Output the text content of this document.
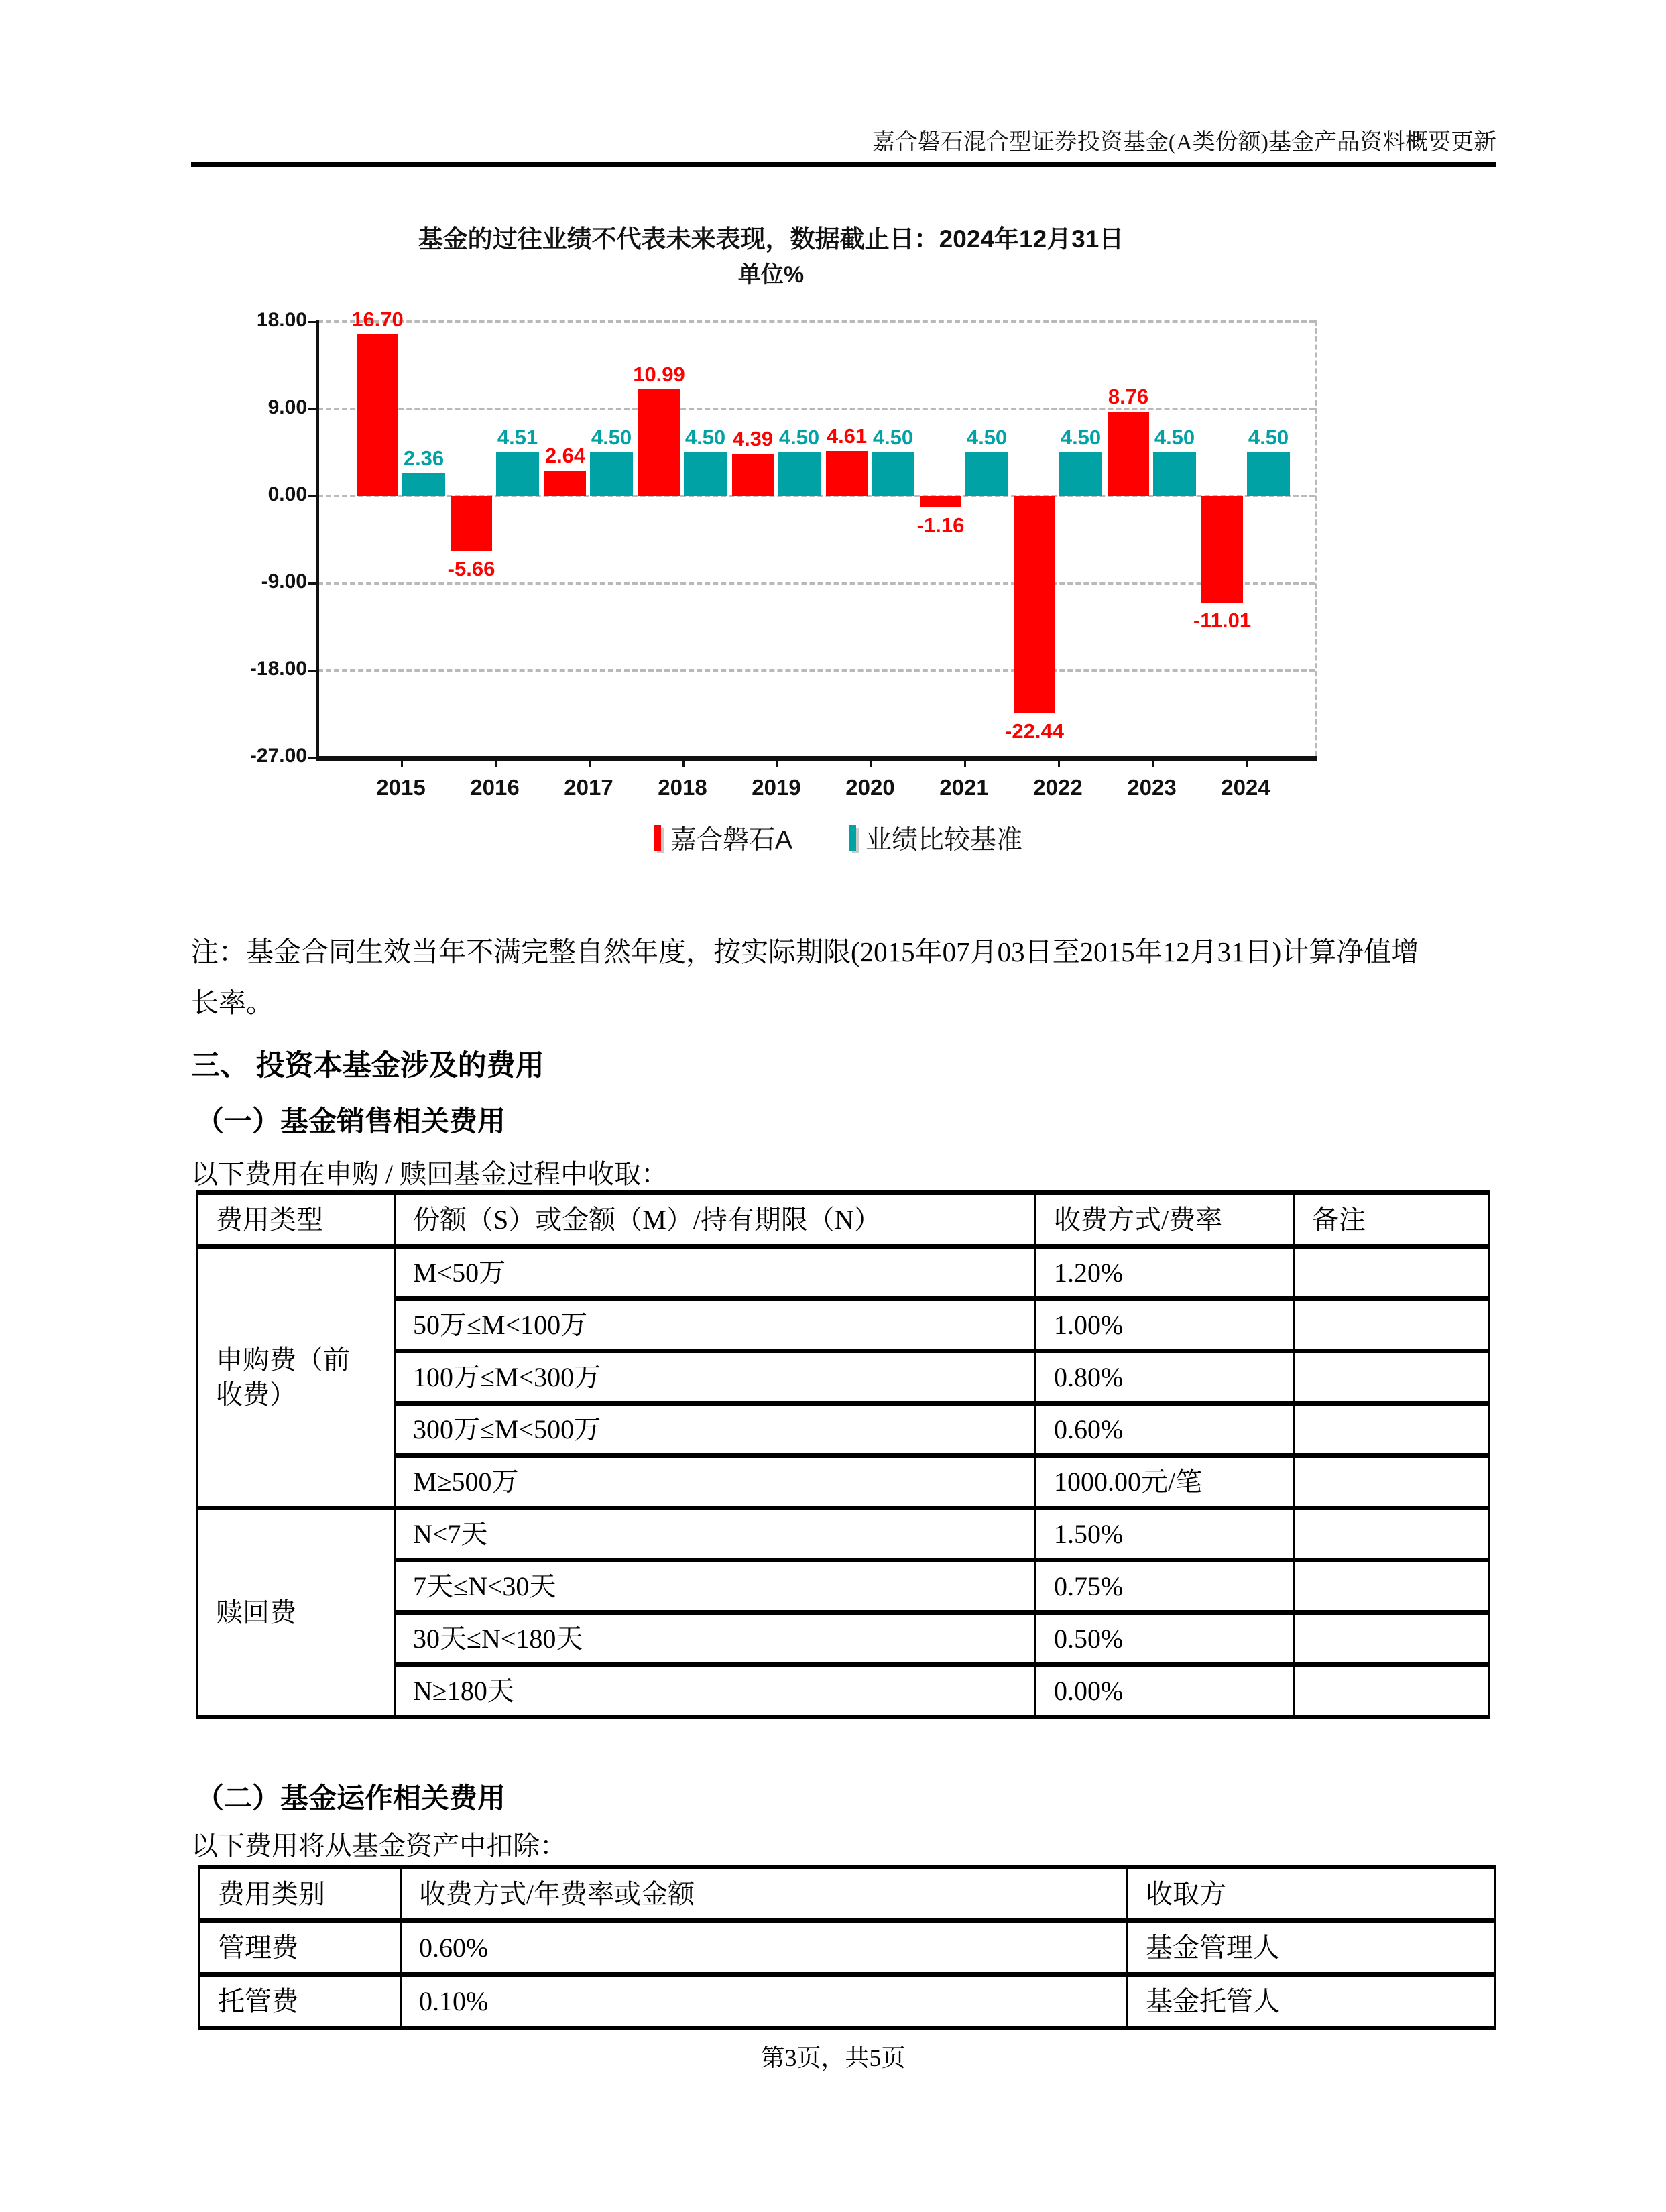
嘉合磐石混合型证券投资基金(A类份额)基金产品资料概要更新
基金的过往业绩不代表未来表现，数据截止日：2024年12月31日
单位%
18.00
9.00
0.00
-9.00
-18.00
-27.00
16.70
2.36
2015
-5.66
4.51
2016
2.64
4.50
2017
10.99
4.50
2018
4.39 4.50
2019
4.61 4.50
2020
-1.16
4.50
2021
-22.44
4.50
2022
8.76
4.50
2023
-11.01
4.50
2024
嘉合磐石A	业绩比较基准
注：基金合同生效当年不满完整自然年度，按实际期限(2015年07月03日至2015年12月31日)计算净值增长率。
三、 投资本基金涉及的费用
（一）基金销售相关费用
以下费用在申购 / 赎回基金过程中收取：
费用类型	份额（S）或金额（M）/持有期限（N）	收费方式/费率	备注
申购费（前收费）	M<50万	1.20%	
	50万≤M<100万	1.00%	
	100万≤M<300万	0.80%	
	300万≤M<500万	0.60%	
	M≥500万	1000.00元/笔	
赎回费	N<7天	1.50%	
	7天≤N<30天	0.75%	
	30天≤N<180天	0.50%	
	N≥180天	0.00%	
（二）基金运作相关费用
以下费用将从基金资产中扣除：
费用类别	收费方式/年费率或金额	收取方
管理费	0.60%	基金管理人
托管费	0.10%	基金托管人
第3页，共5页
